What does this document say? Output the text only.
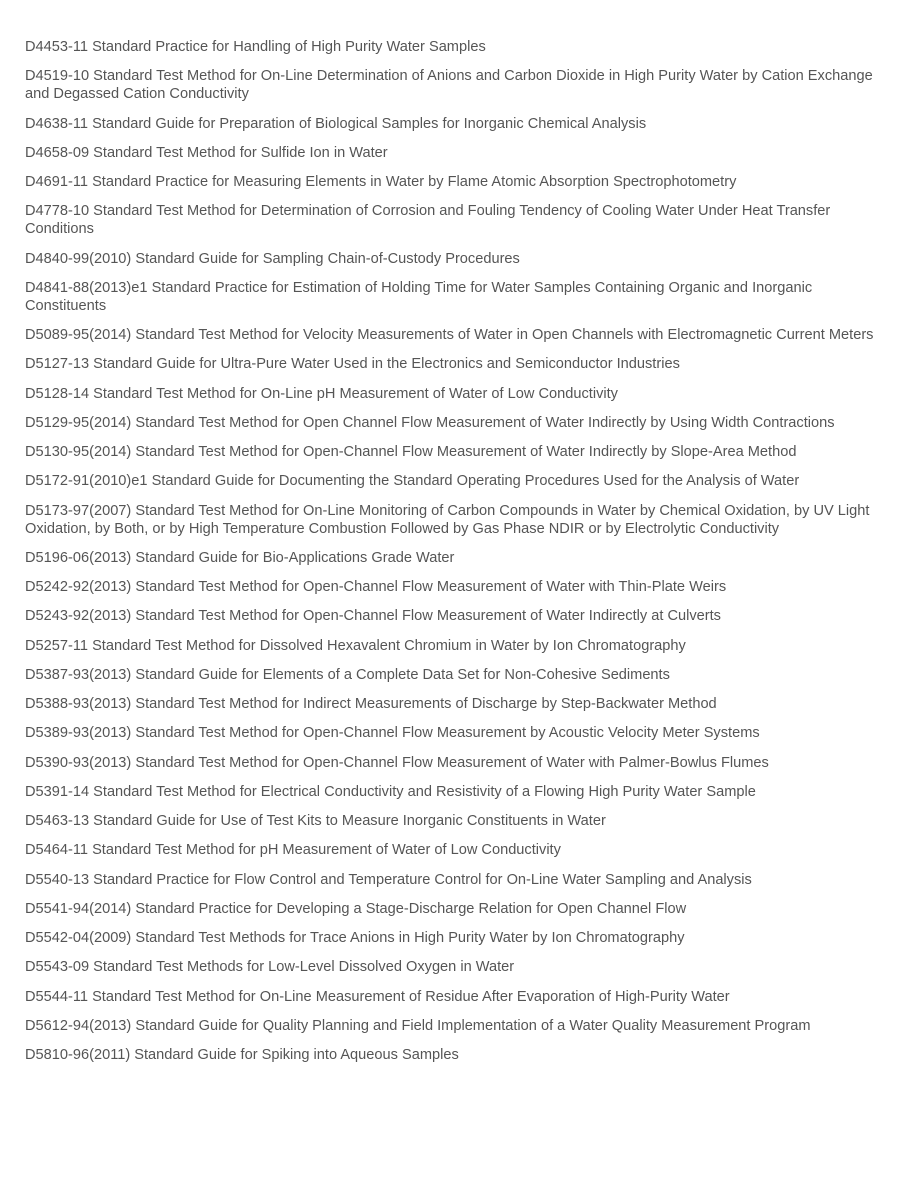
D4453-11 Standard Practice for Handling of High Purity Water Samples

D4519-10 Standard Test Method for On-Line Determination of Anions and Carbon Dioxide in High Purity Water by Cation Exchange and Degassed Cation Conductivity

D4638-11 Standard Guide for Preparation of Biological Samples for Inorganic Chemical Analysis

D4658-09 Standard Test Method for Sulfide Ion in Water

D4691-11 Standard Practice for Measuring Elements in Water by Flame Atomic Absorption Spectrophotometry

D4778-10 Standard Test Method for Determination of Corrosion and Fouling Tendency of Cooling Water Under Heat Transfer Conditions

D4840-99(2010) Standard Guide for Sampling Chain-of-Custody Procedures

D4841-88(2013)e1 Standard Practice for Estimation of Holding Time for Water Samples Containing Organic and Inorganic Constituents

D5089-95(2014) Standard Test Method for Velocity Measurements of Water in Open Channels with Electromagnetic Current Meters

D5127-13 Standard Guide for Ultra-Pure Water Used in the Electronics and Semiconductor Industries

D5128-14 Standard Test Method for On-Line pH Measurement of Water of Low Conductivity

D5129-95(2014) Standard Test Method for Open Channel Flow Measurement of Water Indirectly by Using Width Contractions

D5130-95(2014) Standard Test Method for Open-Channel Flow Measurement of Water Indirectly by Slope-Area Method

D5172-91(2010)e1 Standard Guide for Documenting the Standard Operating Procedures Used for the Analysis of Water

D5173-97(2007) Standard Test Method for On-Line Monitoring of Carbon Compounds in Water by Chemical Oxidation, by UV Light Oxidation, by Both, or by High Temperature Combustion Followed by Gas Phase NDIR or by Electrolytic Conductivity

D5196-06(2013) Standard Guide for Bio-Applications Grade Water

D5242-92(2013) Standard Test Method for Open-Channel Flow Measurement of Water with Thin-Plate Weirs

D5243-92(2013) Standard Test Method for Open-Channel Flow Measurement of Water Indirectly at Culverts

D5257-11 Standard Test Method for Dissolved Hexavalent Chromium in Water by Ion Chromatography

D5387-93(2013) Standard Guide for Elements of a Complete Data Set for Non-Cohesive Sediments

D5388-93(2013) Standard Test Method for Indirect Measurements of Discharge by Step-Backwater Method

D5389-93(2013) Standard Test Method for Open-Channel Flow Measurement by Acoustic Velocity Meter Systems

D5390-93(2013) Standard Test Method for Open-Channel Flow Measurement of Water with Palmer-Bowlus Flumes

D5391-14 Standard Test Method for Electrical Conductivity and Resistivity of a Flowing High Purity Water Sample

D5463-13 Standard Guide for Use of Test Kits to Measure Inorganic Constituents in Water

D5464-11 Standard Test Method for pH Measurement of Water of Low Conductivity

D5540-13 Standard Practice for Flow Control and Temperature Control for On-Line Water Sampling and Analysis

D5541-94(2014) Standard Practice for Developing a Stage-Discharge Relation for Open Channel Flow

D5542-04(2009) Standard Test Methods for Trace Anions in High Purity Water by Ion Chromatography

D5543-09 Standard Test Methods for Low-Level Dissolved Oxygen in Water

D5544-11 Standard Test Method for On-Line Measurement of Residue After Evaporation of High-Purity Water

D5612-94(2013) Standard Guide for Quality Planning and Field Implementation of a Water Quality Measurement Program

D5810-96(2011) Standard Guide for Spiking into Aqueous Samples
